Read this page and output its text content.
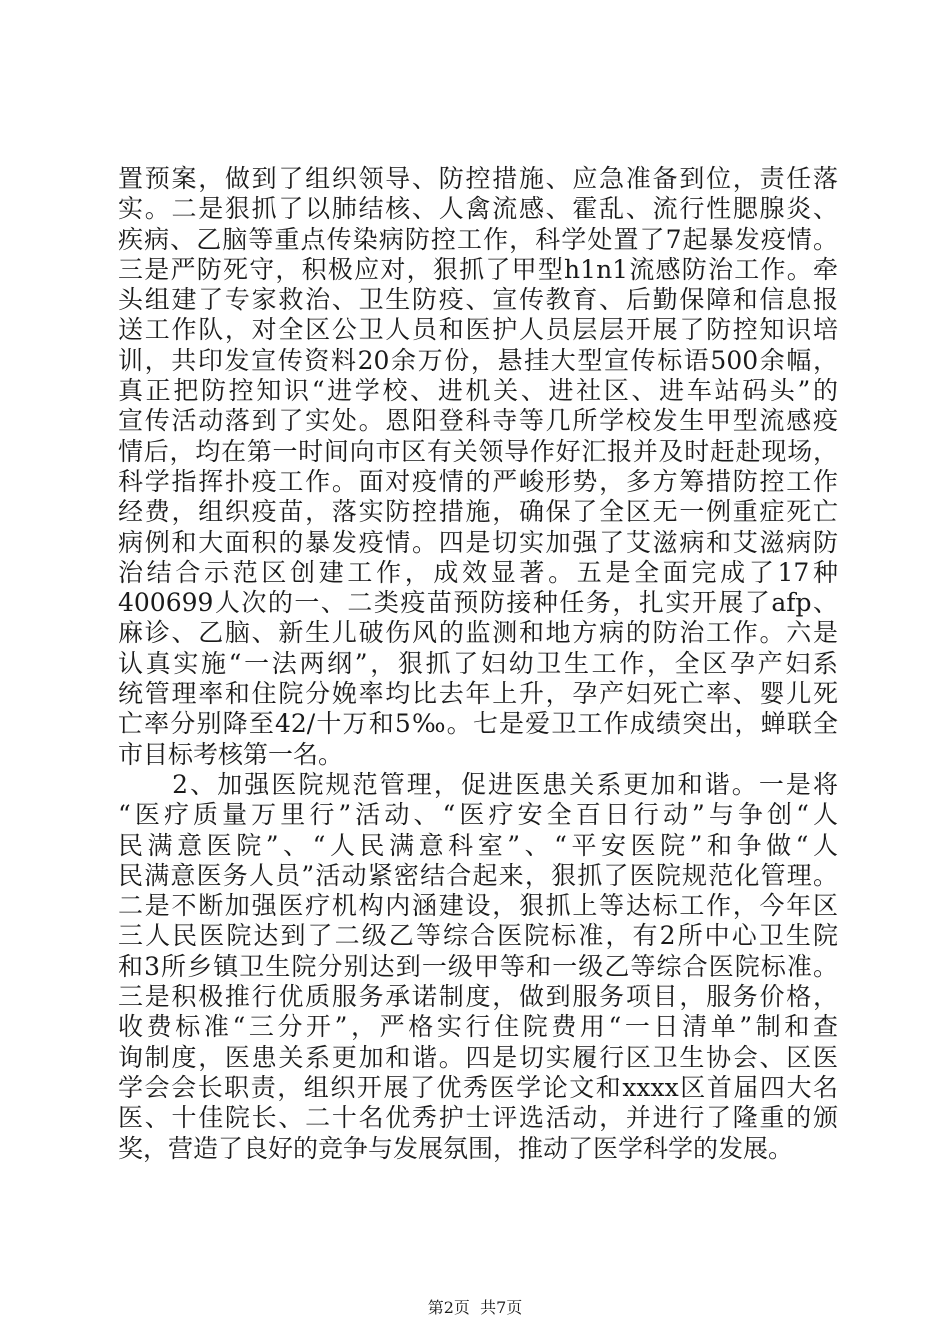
置预案，做到了组织领导、防控措施、应急准备到位，责任落
实。二是狠抓了以肺结核、人禽流感、霍乱、流行性腮腺炎、
疾病、乙脑等重点传染病防控工作，科学处置了7起暴发疫情。
三是严防死守，积极应对，狠抓了甲型h1n1流感防治工作。牵
头组建了专家救治、卫生防疫、宣传教育、后勤保障和信息报
送工作队，对全区公卫人员和医护人员层层开展了防控知识培
训，共印发宣传资料20余万份，悬挂大型宣传标语500余幅，
真正把防控知识“进学校、进机关、进社区、进车站码头”的
宣传活动落到了实处。恩阳登科寺等几所学校发生甲型流感疫
情后，均在第一时间向市区有关领导作好汇报并及时赶赴现场，
科学指挥扑疫工作。面对疫情的严峻形势，多方筹措防控工作
经费，组织疫苗，落实防控措施，确保了全区无一例重症死亡
病例和大面积的暴发疫情。四是切实加强了艾滋病和艾滋病防
治结合示范区创建工作，成效显著。五是全面完成了17种
400699人次的一、二类疫苗预防接种任务，扎实开展了afp、
麻诊、乙脑、新生儿破伤风的监测和地方病的防治工作。六是
认真实施“一法两纲”，狠抓了妇幼卫生工作，全区孕产妇系
统管理率和住院分娩率均比去年上升，孕产妇死亡率、婴儿死
亡率分别降至42/十万和5‰。七是爱卫工作成绩突出，蝉联全
市目标考核第一名。
　　2、加强医院规范管理，促进医患关系更加和谐。一是将
“医疗质量万里行”活动、“医疗安全百日行动”与争创“人
民满意医院”、“人民满意科室”、“平安医院”和争做“人
民满意医务人员”活动紧密结合起来，狠抓了医院规范化管理。
二是不断加强医疗机构内涵建设，狠抓上等达标工作，今年区
三人民医院达到了二级乙等综合医院标准，有2所中心卫生院
和3所乡镇卫生院分别达到一级甲等和一级乙等综合医院标准。
三是积极推行优质服务承诺制度，做到服务项目，服务价格，
收费标准“三分开”，严格实行住院费用“一日清单”制和查
询制度，医患关系更加和谐。四是切实履行区卫生协会、区医
学会会长职责，组织开展了优秀医学论文和xxxx区首届四大名
医、十佳院长、二十名优秀护士评选活动，并进行了隆重的颁
奖，营造了良好的竞争与发展氛围，推动了医学科学的发展。
第2页  共7页
